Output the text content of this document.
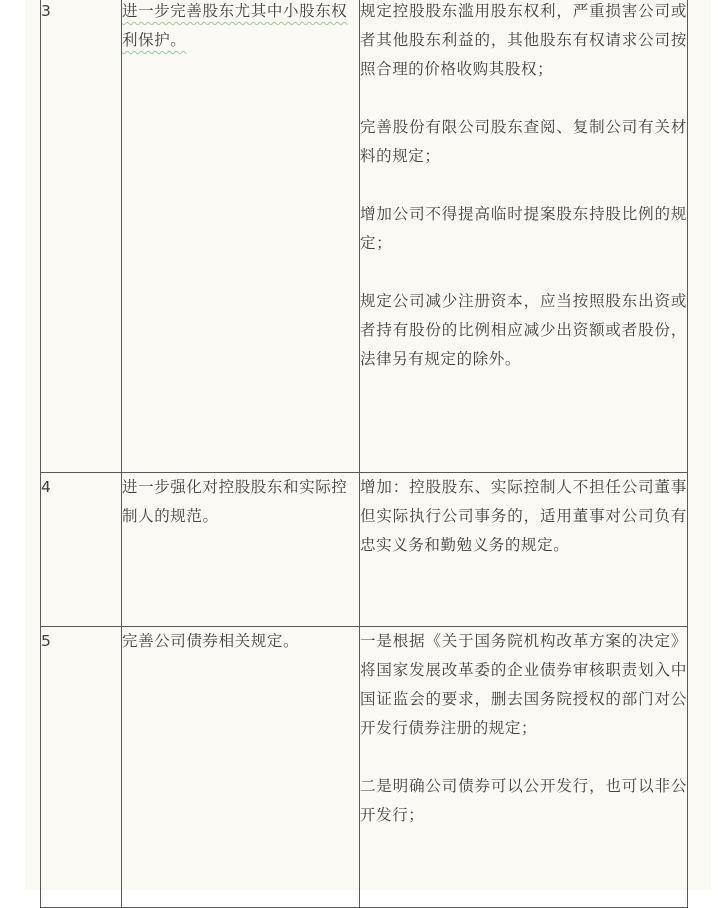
3	进一步完善股东尤其中小股东权利保护。	规定控股股东滥用股东权利，严重损害公司或者其他股东利益的，其他股东有权请求公司按照合理的价格收购其股权；

完善股份有限公司股东查阅、复制公司有关材料的规定；

增加公司不得提高临时提案股东持股比例的规定；

规定公司减少注册资本，应当按照股东出资或者持有股份的比例相应减少出资额或者股份，法律另有规定的除外。

4	进一步强化对控股股东和实际控制人的规范。	增加：控股股东、实际控制人不担任公司董事但实际执行公司事务的，适用董事对公司负有忠实义务和勤勉义务的规定。

5	完善公司债券相关规定。	一是根据《关于国务院机构改革方案的决定》将国家发展改革委的企业债券审核职责划入中国证监会的要求，删去国务院授权的部门对公开发行债券注册的规定；

二是明确公司债券可以公开发行，也可以非公开发行；
